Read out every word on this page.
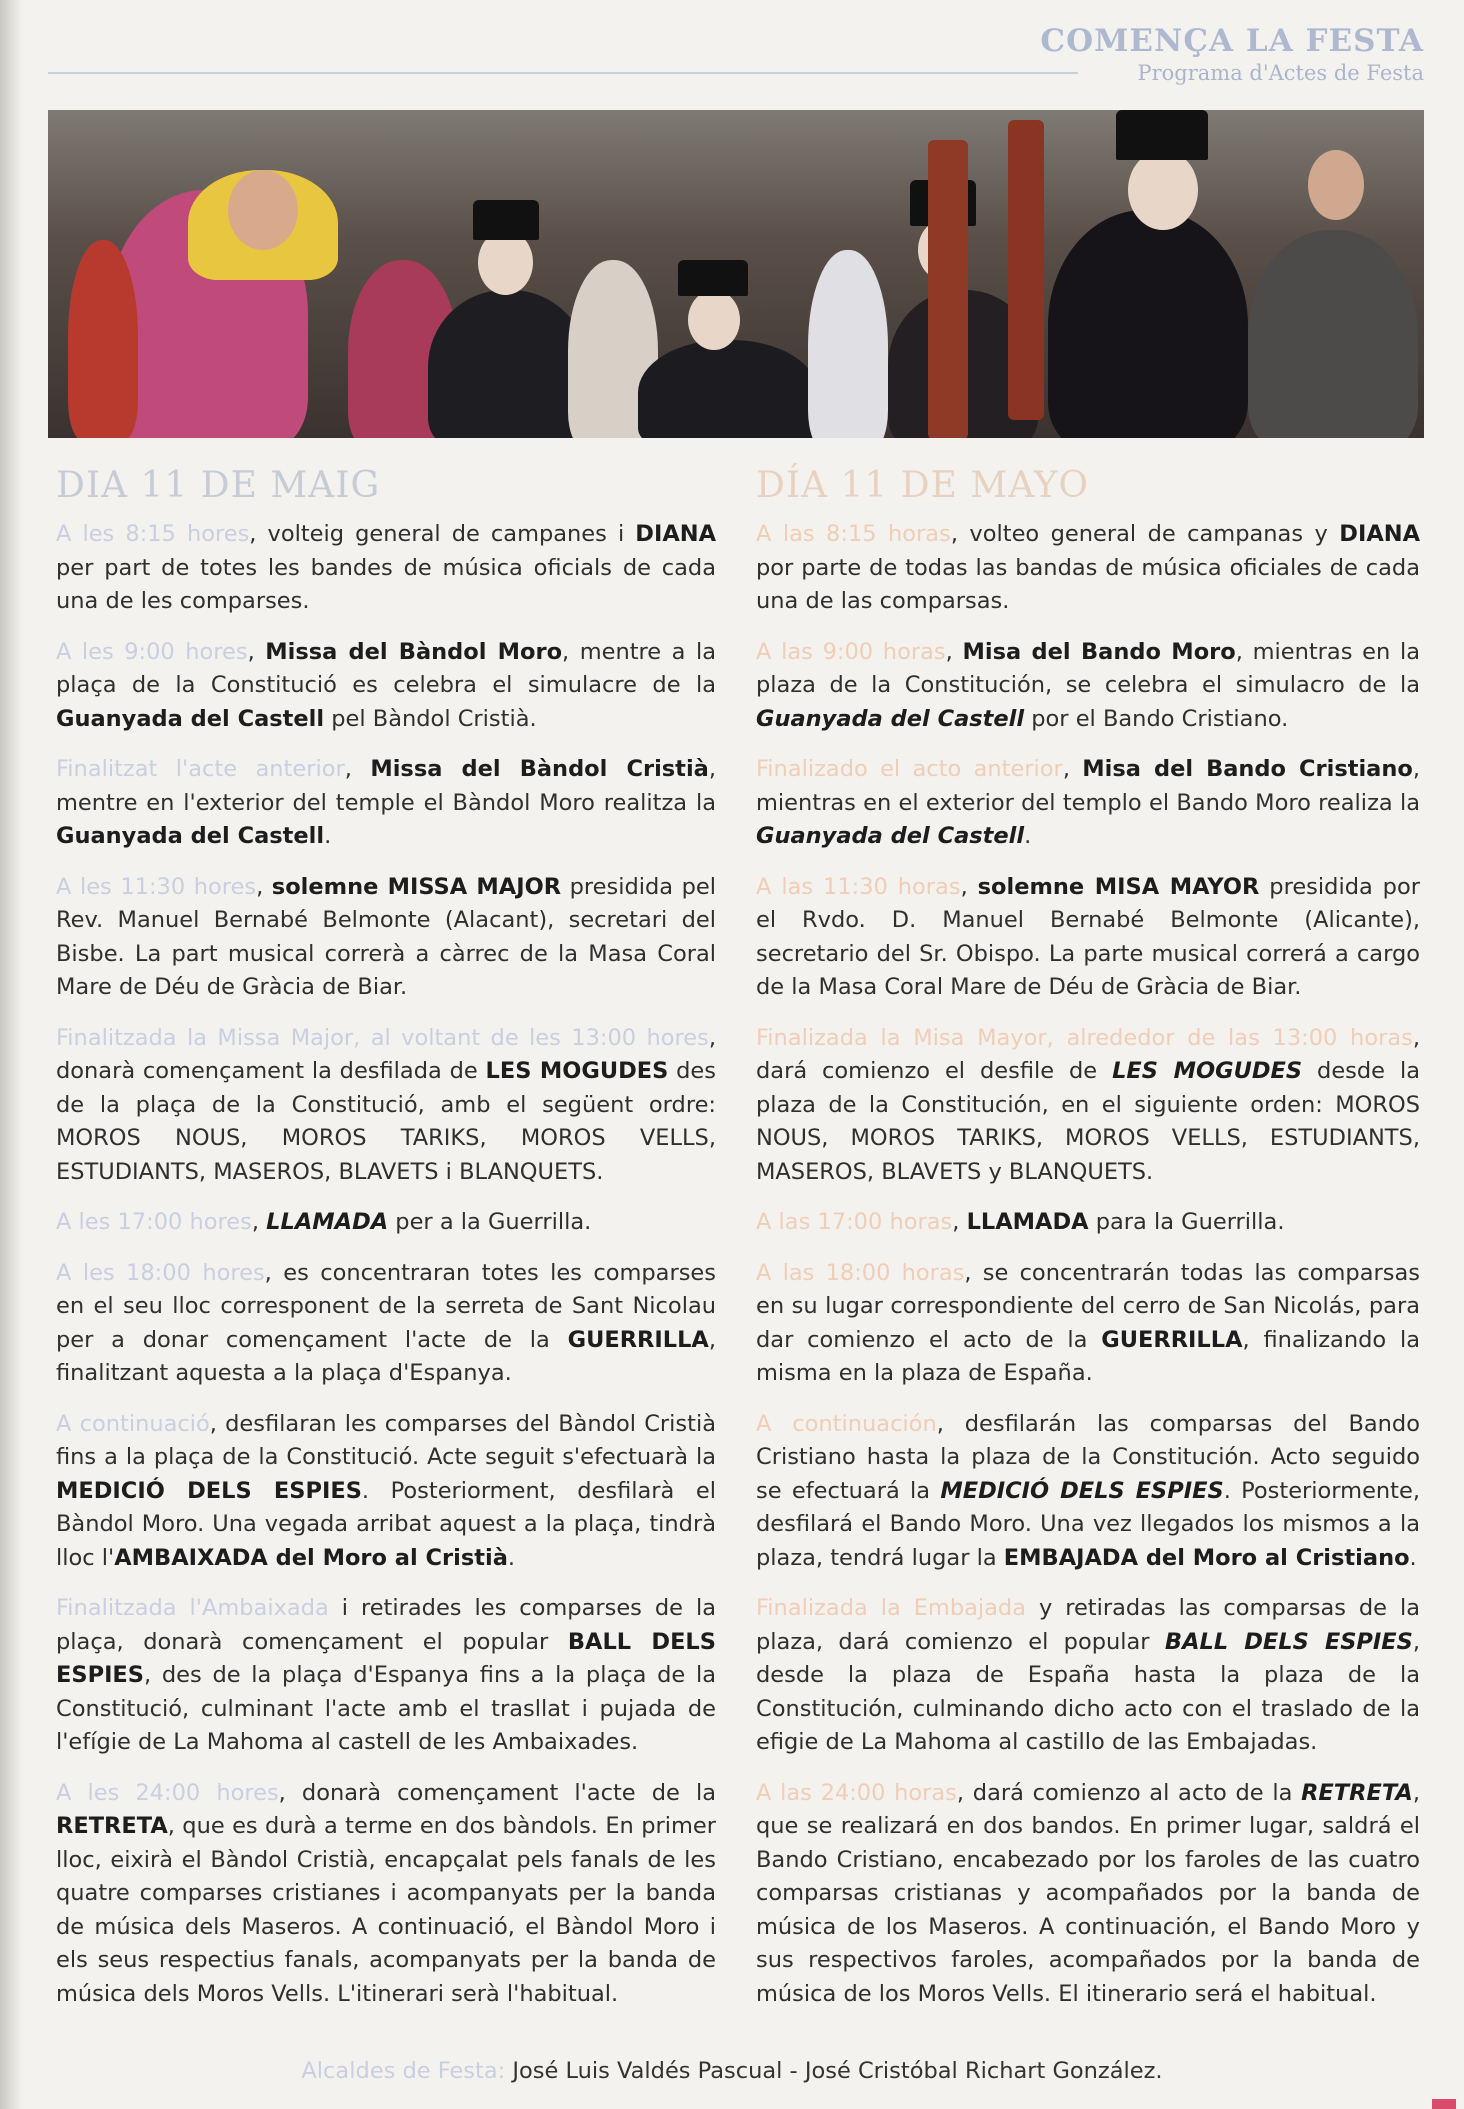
COMENÇA LA FESTA
Programa d'Actes de Festa
DIA 11 DE MAIG

A les 8:15 hores, volteig general de campanes i DIANA per part de totes les bandes de música oficials de cada una de les comparses.

A les 9:00 hores, Missa del Bàndol Moro, mentre a la plaça de la Constitució es celebra el simulacre de la Guanyada del Castell pel Bàndol Cristià.

Finalitzat l'acte anterior, Missa del Bàndol Cristià, mentre en l'exterior del temple el Bàndol Moro realitza la Guanyada del Castell.

A les 11:30 hores, solemne MISSA MAJOR presidida pel Rev. Manuel Bernabé Belmonte (Alacant), secretari del Bisbe. La part musical correrà a càrrec de la Masa Coral Mare de Déu de Gràcia de Biar.

Finalitzada la Missa Major, al voltant de les 13:00 hores, donarà començament la desfilada de LES MOGUDES des de la plaça de la Constitució, amb el següent ordre: MOROS NOUS, MOROS TARIKS, MOROS VELLS, ESTUDIANTS, MASEROS, BLAVETS i BLANQUETS.

A les 17:00 hores, LLAMADA per a la Guerrilla.

A les 18:00 hores, es concentraran totes les comparses en el seu lloc corresponent de la serreta de Sant Nicolau per a donar començament l'acte de la GUERRILLA, finalitzant aquesta a la plaça d'Espanya.

A continuació, desfilaran les comparses del Bàndol Cristià fins a la plaça de la Constitució. Acte seguit s'efectuarà la MEDICIÓ DELS ESPIES. Posteriorment, desfilarà el Bàndol Moro. Una vegada arribat aquest a la plaça, tindrà lloc l'AMBAIXADA del Moro al Cristià.

Finalitzada l'Ambaixada i retirades les comparses de la plaça, donarà començament el popular BALL DELS ESPIES, des de la plaça d'Espanya fins a la plaça de la Constitució, culminant l'acte amb el trasllat i pujada de l'efígie de La Mahoma al castell de les Ambaixades.

A les 24:00 hores, donarà començament l'acte de la RETRETA, que es durà a terme en dos bàndols. En primer lloc, eixirà el Bàndol Cristià, encapçalat pels fanals de les quatre comparses cristianes i acompanyats per la banda de música dels Maseros. A continuació, el Bàndol Moro i els seus respectius fanals, acompanyats per la banda de música dels Moros Vells. L'itinerari serà l'habitual.

DÍA 11 DE MAYO

A las 8:15 horas, volteo general de campanas y DIANA por parte de todas las bandas de música oficiales de cada una de las comparsas.

A las 9:00 horas, Misa del Bando Moro, mientras en la plaza de la Constitución, se celebra el simulacro de la Guanyada del Castell por el Bando Cristiano.

Finalizado el acto anterior, Misa del Bando Cristiano, mientras en el exterior del templo el Bando Moro realiza la Guanyada del Castell.

A las 11:30 horas, solemne MISA MAYOR presidida por el Rvdo. D. Manuel Bernabé Belmonte (Alicante), secretario del Sr. Obispo. La parte musical correrá a cargo de la Masa Coral Mare de Déu de Gràcia de Biar.

Finalizada la Misa Mayor, alrededor de las 13:00 horas, dará comienzo el desfile de LES MOGUDES desde la plaza de la Constitución, en el siguiente orden: MOROS NOUS, MOROS TARIKS, MOROS VELLS, ESTUDIANTS, MASEROS, BLAVETS y BLANQUETS.

A las 17:00 horas, LLAMADA para la Guerrilla.

A las 18:00 horas, se concentrarán todas las comparsas en su lugar correspondiente del cerro de San Nicolás, para dar comienzo el acto de la GUERRILLA, finalizando la misma en la plaza de España.

A continuación, desfilarán las comparsas del Bando Cristiano hasta la plaza de la Constitución. Acto seguido se efectuará la MEDICIÓ DELS ESPIES. Posteriormente, desfilará el Bando Moro. Una vez llegados los mismos a la plaza, tendrá lugar la EMBAJADA del Moro al Cristiano.

Finalizada la Embajada y retiradas las comparsas de la plaza, dará comienzo el popular BALL DELS ESPIES, desde la plaza de España hasta la plaza de la Constitución, culminando dicho acto con el traslado de la efigie de La Mahoma al castillo de las Embajadas.

A las 24:00 horas, dará comienzo al acto de la RETRETA, que se realizará en dos bandos. En primer lugar, saldrá el Bando Cristiano, encabezado por los faroles de las cuatro comparsas cristianas y acompañados por la banda de música de los Maseros. A continuación, el Bando Moro y sus respectivos faroles, acompañados por la banda de música de los Moros Vells. El itinerario será el habitual.

Alcaldes de Festa: José Luis Valdés Pascual - José Cristóbal Richart González.
